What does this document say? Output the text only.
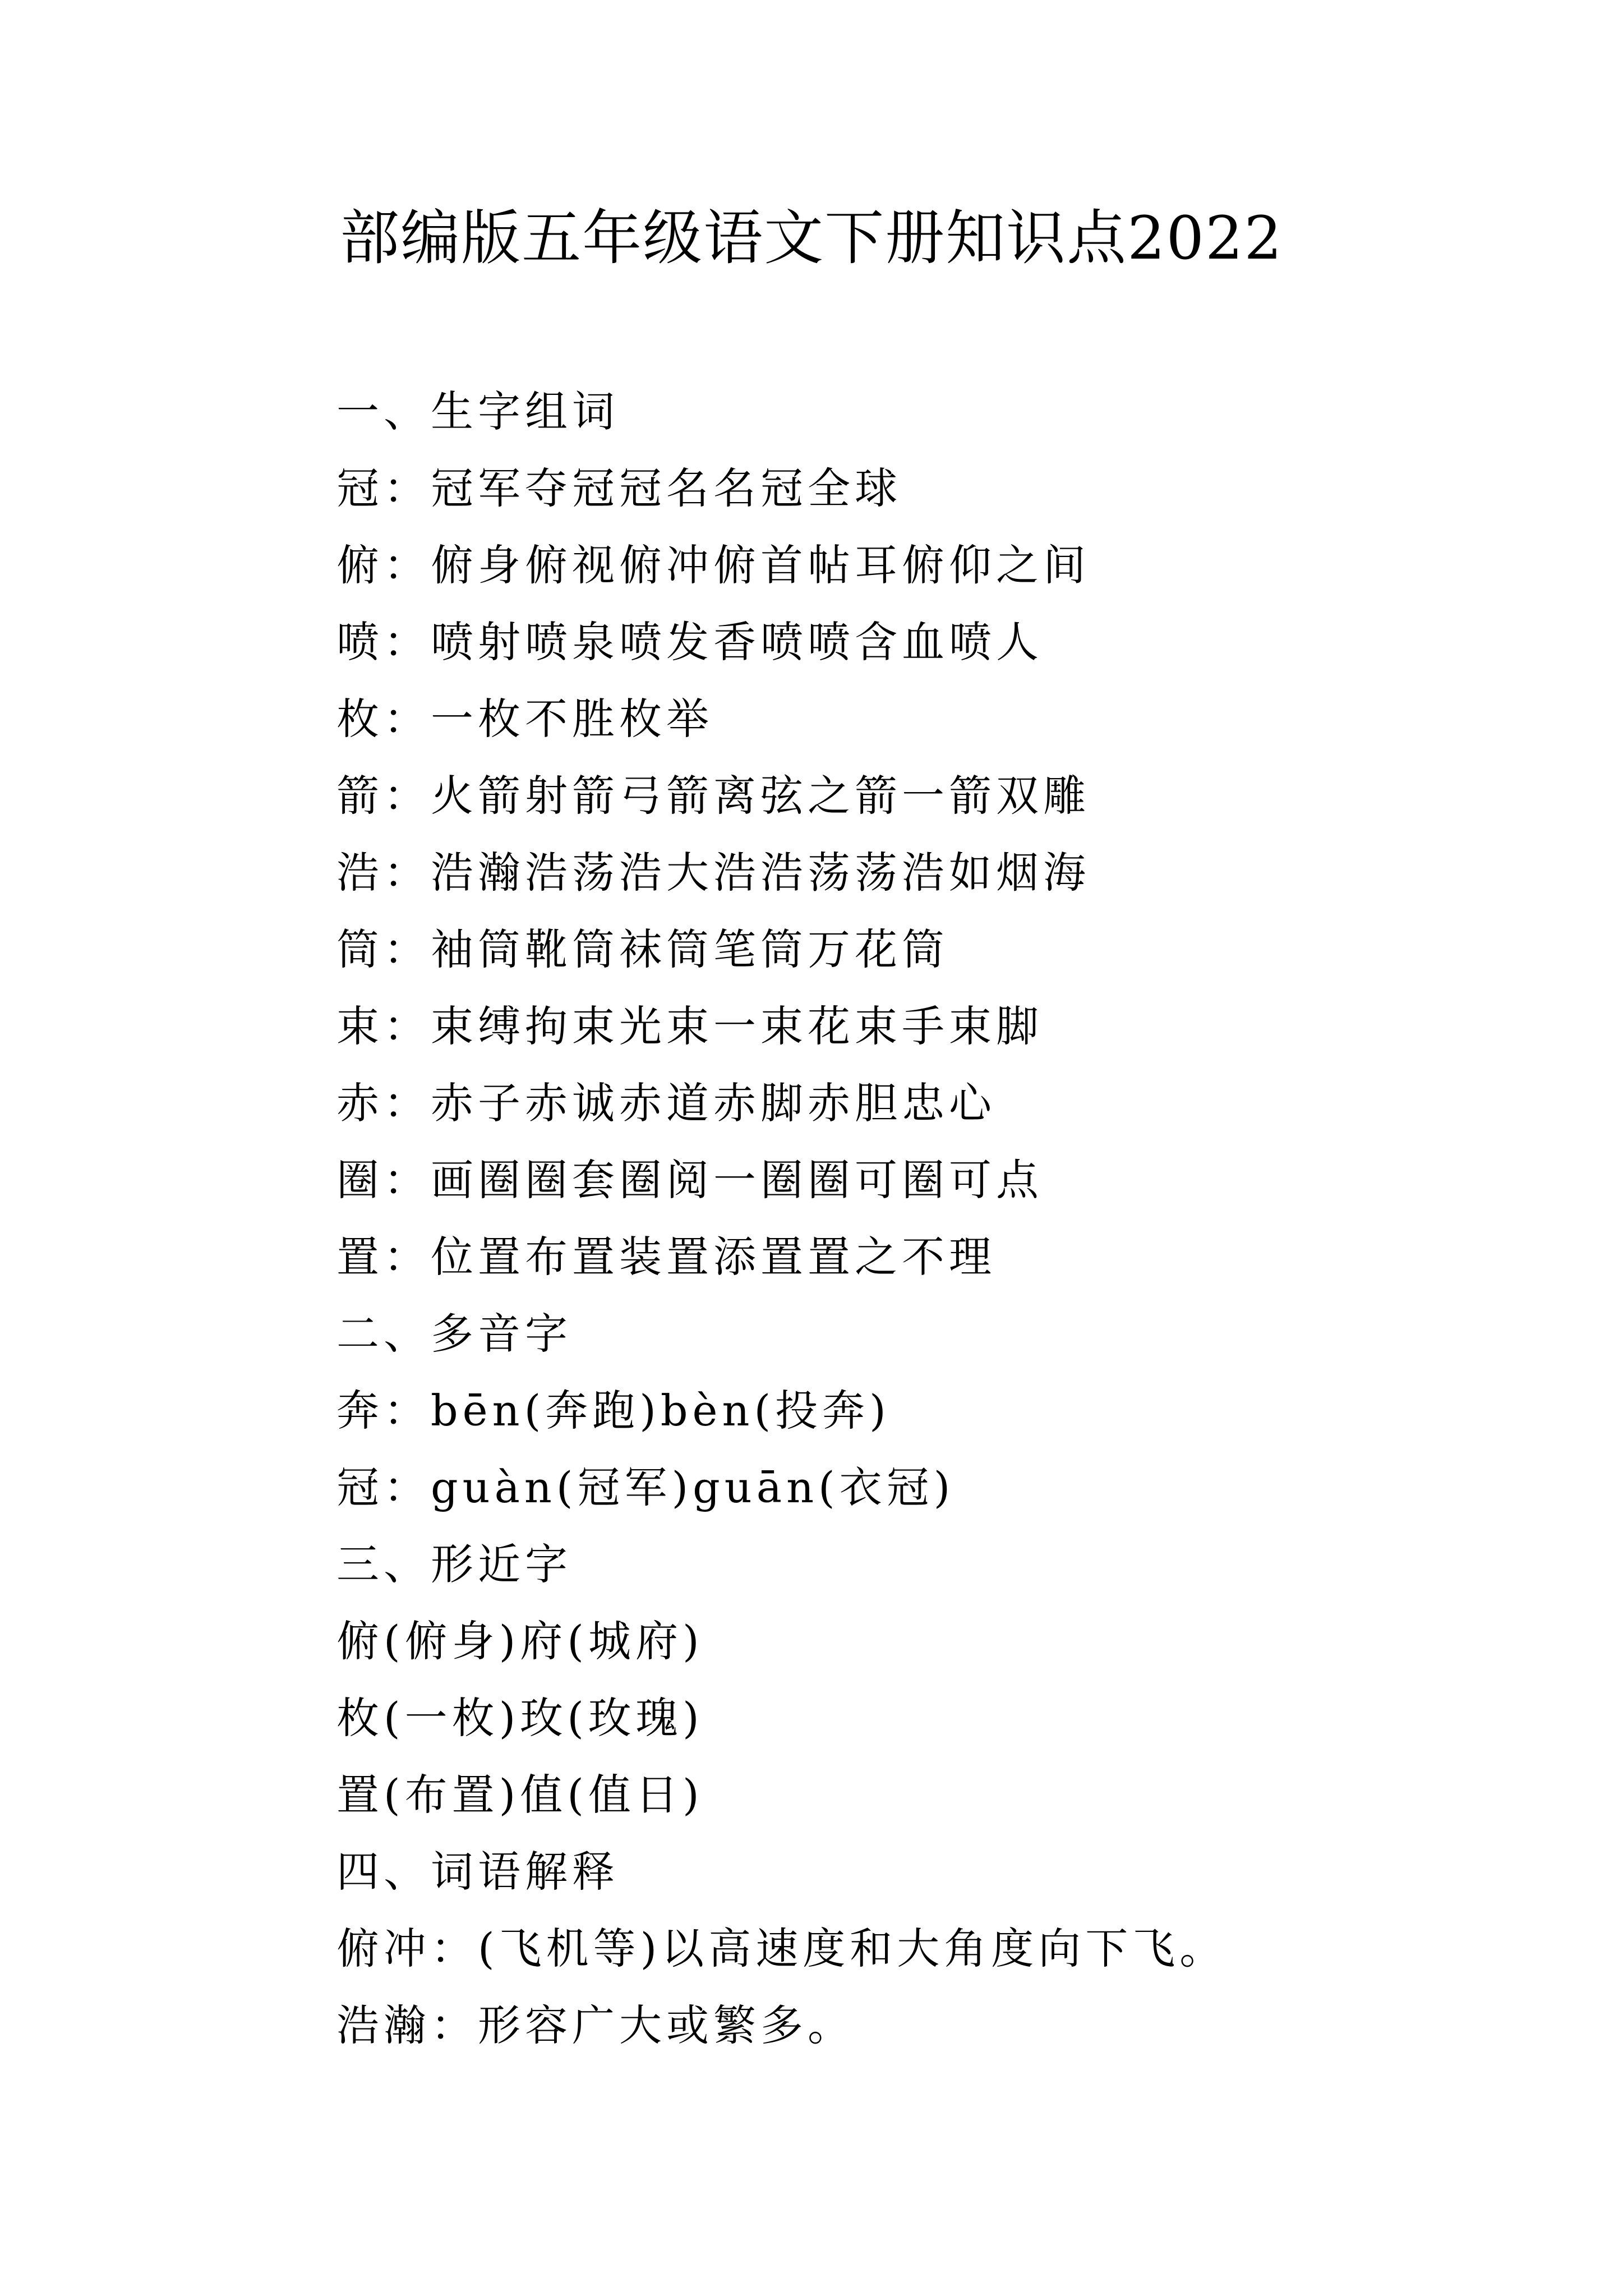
部编版五年级语文下册知识点2022
一、生字组词
冠：冠军夺冠冠名名冠全球
俯：俯身俯视俯冲俯首帖耳俯仰之间
喷：喷射喷泉喷发香喷喷含血喷人
枚：一枚不胜枚举
箭：火箭射箭弓箭离弦之箭一箭双雕
浩：浩瀚浩荡浩大浩浩荡荡浩如烟海
筒：袖筒靴筒袜筒笔筒万花筒
束：束缚拘束光束一束花束手束脚
赤：赤子赤诚赤道赤脚赤胆忠心
圈：画圈圈套圈阅一圈圈可圈可点
置：位置布置装置添置置之不理
二、多音字
奔：bēn(奔跑)bèn(投奔)
冠：guàn(冠军)guān(衣冠)
三、形近字
俯(俯身)府(城府)
枚(一枚)玫(玫瑰)
置(布置)值(值日)
四、词语解释
俯冲：(飞机等)以高速度和大角度向下飞。
浩瀚：形容广大或繁多。
